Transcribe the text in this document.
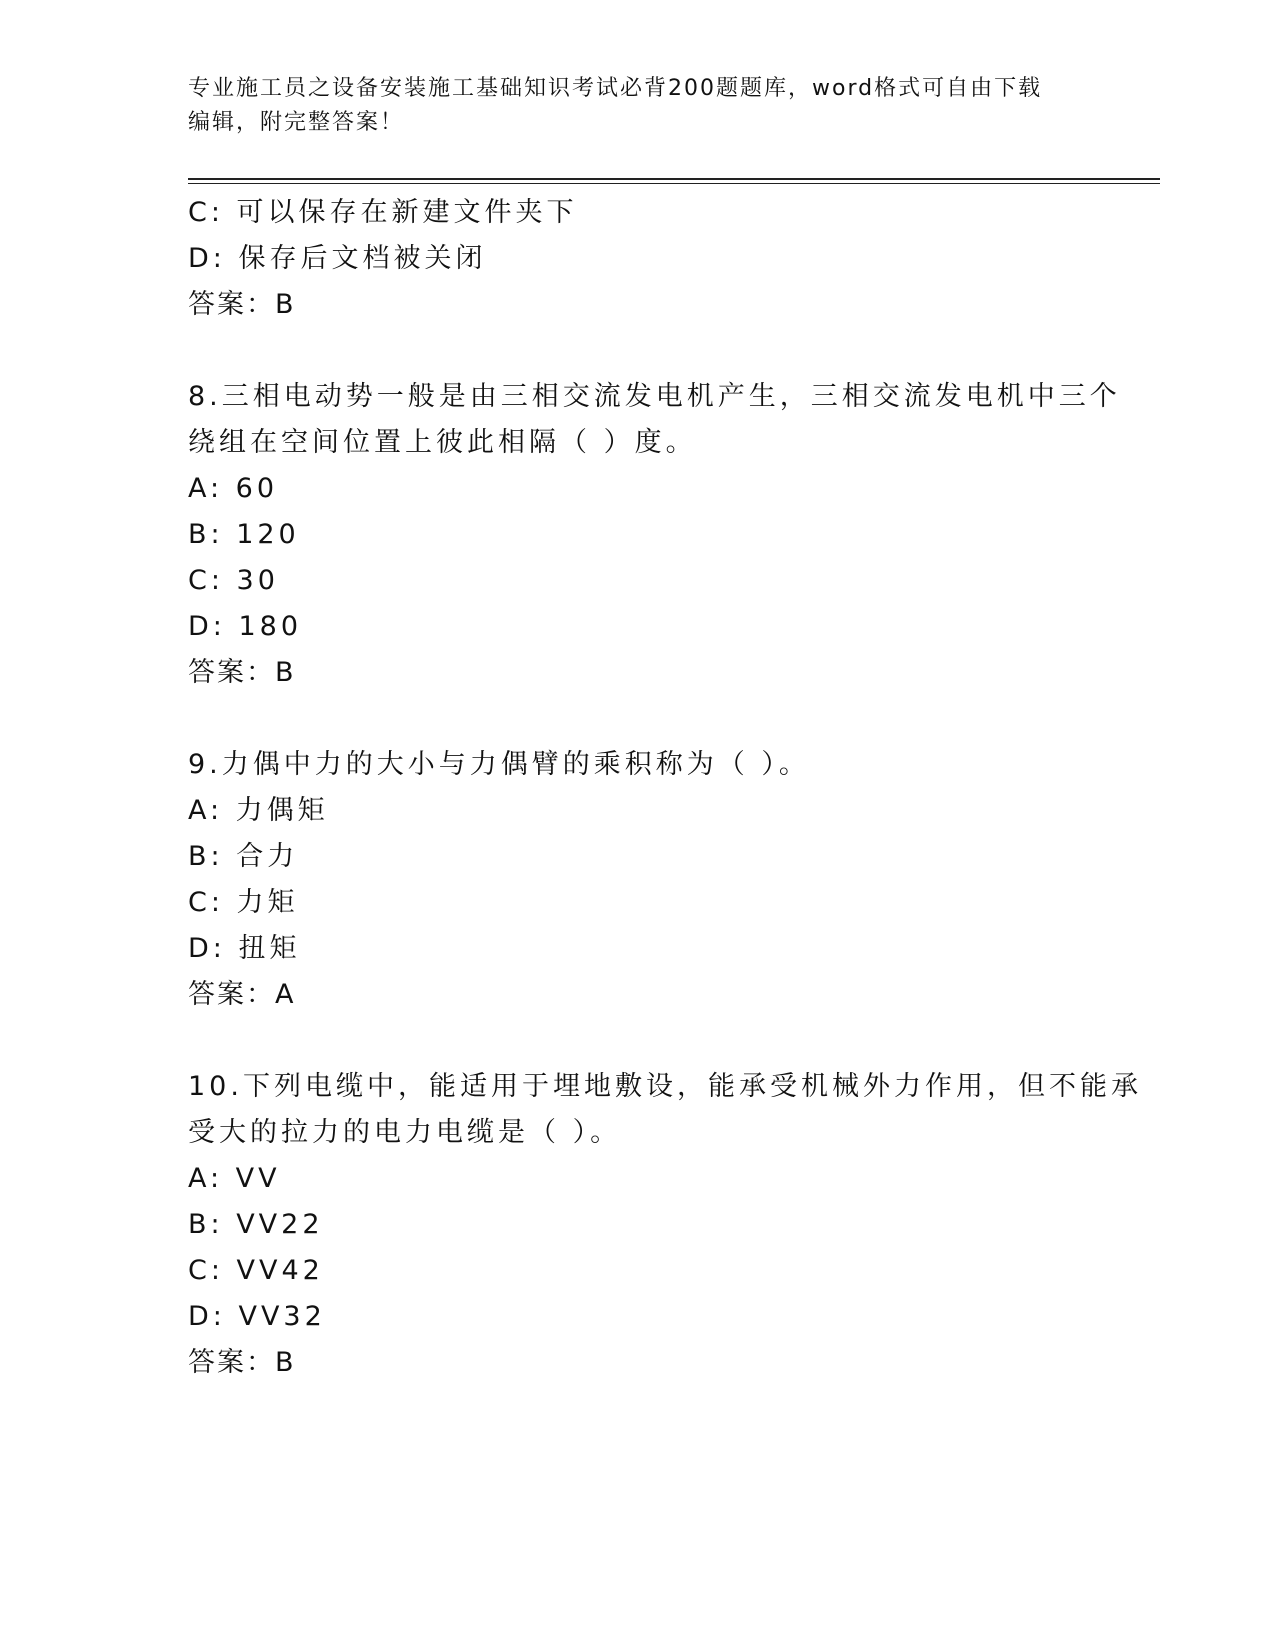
专业施工员之设备安装施工基础知识考试必背200题题库，word格式可自由下载

编辑，附完整答案！

C: 可以保存在新建文件夹下
D: 保存后文档被关闭
答案：B
8.三相电动势一般是由三相交流发电机产生，三相交流发电机中三个
绕组在空间位置上彼此相隔（ ）度。
A: 60
B: 120
C: 30
D: 180
答案：B
9.力偶中力的大小与力偶臂的乘积称为（ ）。
A: 力偶矩
B: 合力
C: 力矩
D: 扭矩
答案：A
10.下列电缆中，能适用于埋地敷设，能承受机械外力作用，但不能承
受大的拉力的电力电缆是（ ）。
A: VV
B: VV22
C: VV42
D: VV32
答案：B
